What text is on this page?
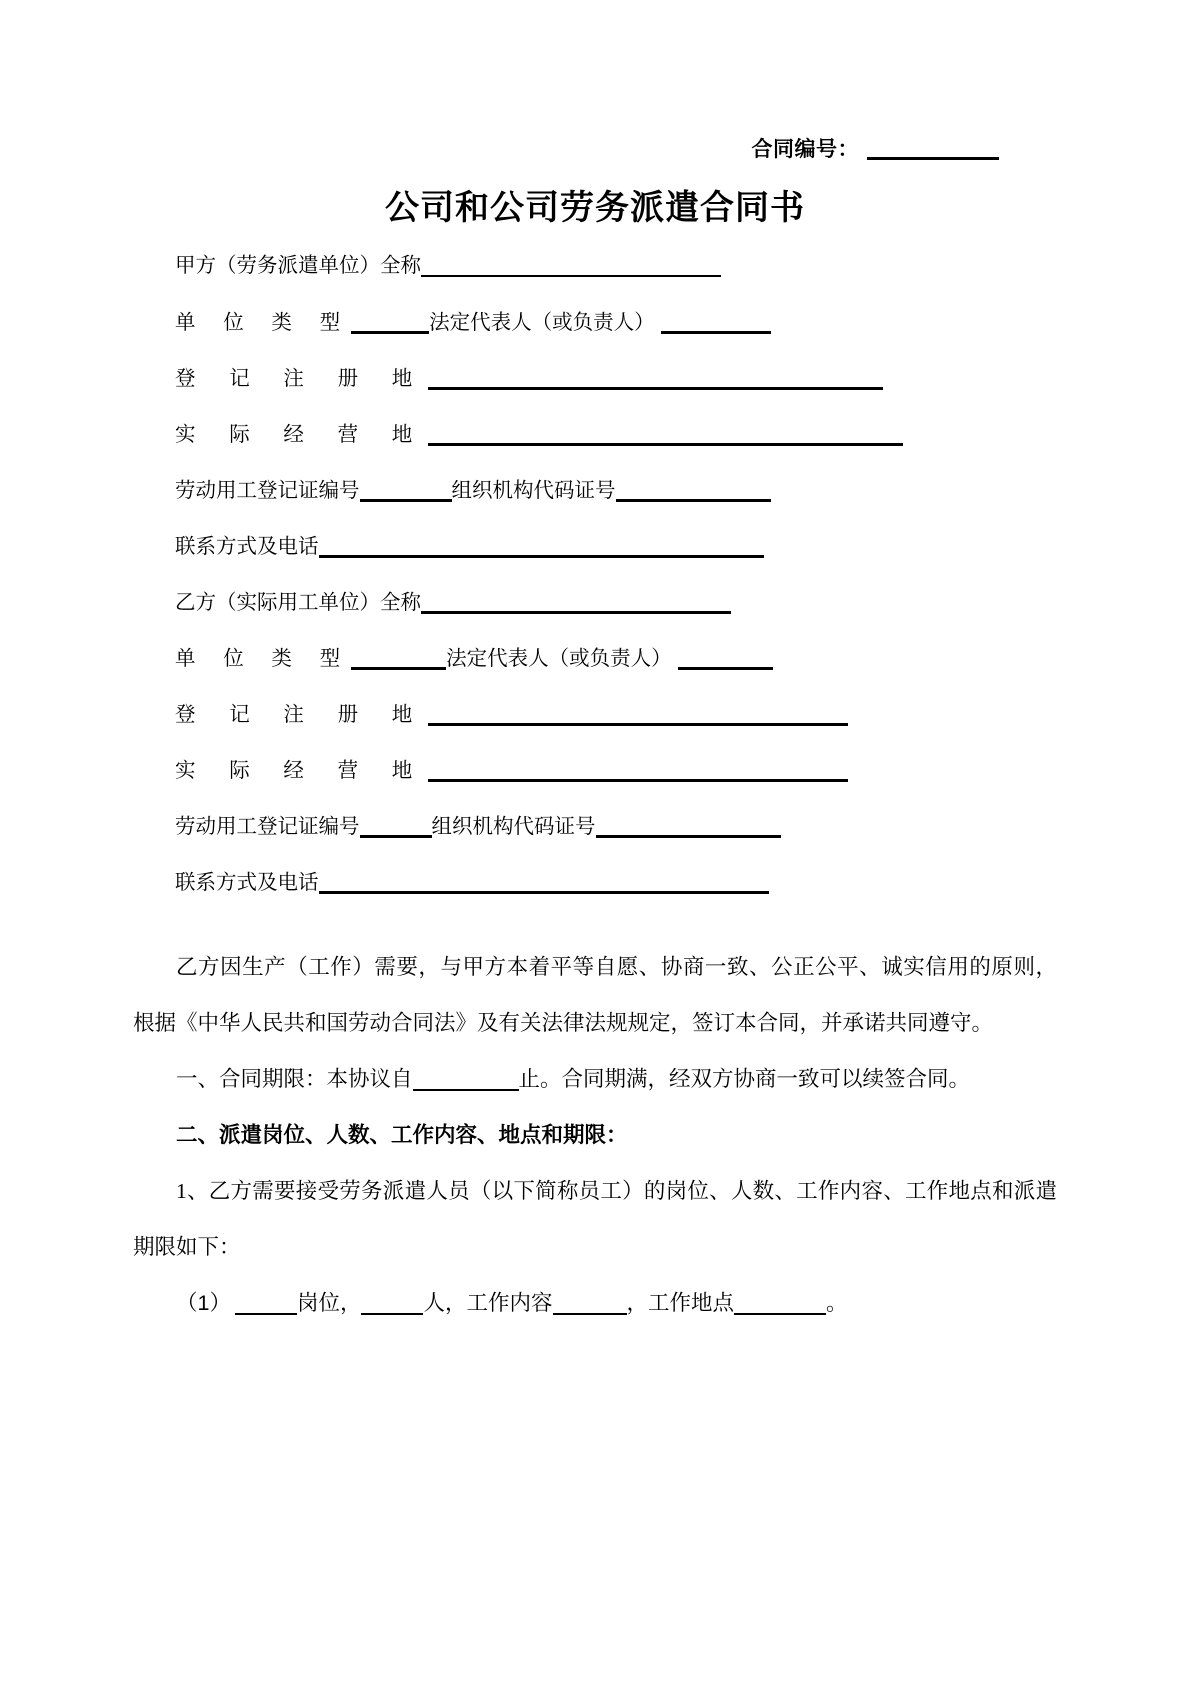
合同编号：
公司和公司劳务派遣合同书
甲方（劳务派遣单位）全称
单 位 类 型	法定代表人（或负责人）
登 记 注 册 地
实 际 经 营 地
劳动用工登记证编号	组织机构代码证号
联系方式及电话
乙方（实际用工单位）全称
单 位 类 型	法定代表人（或负责人）
登 记 注 册 地
实 际 经 营 地
劳动用工登记证编号	组织机构代码证号
联系方式及电话

乙方因生产（工作）需要，与甲方本着平等自愿、协商一致、公正公平、诚实信用的原则，根据《中华人民共和国劳动合同法》及有关法律法规规定，签订本合同，并承诺共同遵守。

一、合同期限：本协议自	止。合同期满，经双方协商一致可以续签合同。

二、派遣岗位、人数、工作内容、地点和期限：

1、乙方需要接受劳务派遣人员（以下简称员工）的岗位、人数、工作内容、工作地点和派遣期限如下：

（1）	岗位，	人，工作内容	，工作地点	。
